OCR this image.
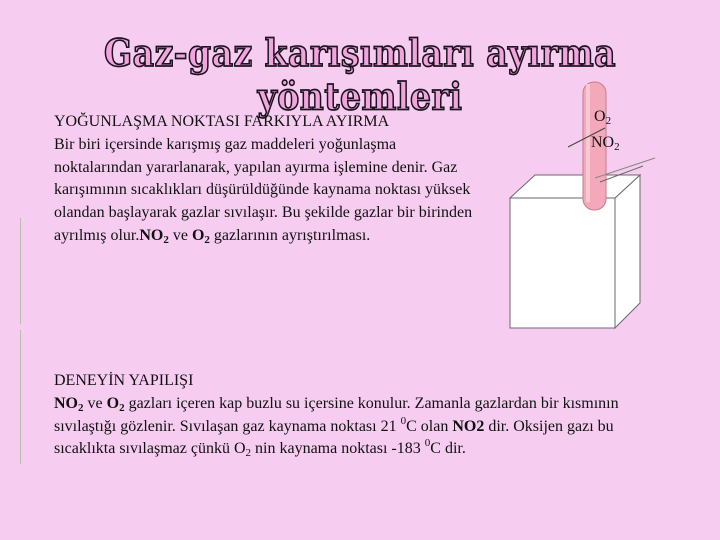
Gaz-gaz karışımları ayırma yöntemleri
YOĞUNLAŞMA NOKTASI FARKIYLA AYIRMA
Bir biri içersinde karışmış gaz maddeleri yoğunlaşma noktalarından yararlanarak, yapılan ayırma işlemine denir. Gaz karışımının sıcaklıkları düşürüldüğünde kaynama noktası yüksek olandan başlayarak gazlar sıvılaşır. Bu şekilde gazlar bir birinden ayrılmış $olur.NO_2$ ve $O_2$ gazlarının ayrıştırılması.
$O_2$
$NO_2$
DENEYİN YAPILIŞI
$NO_2$ ve $O_2$ gazları içeren kap buzlu su içersine konulur. Zamanla gazlardan bir kısmının sıvılaştığı gözlenir. Sıvılaşan gaz kaynama noktası 21 $^0$C olan NO2 dir. Oksijen gazı bu sıcaklıkta sıvılaşmaz çünkü $O_2$ nin kaynama noktası -183 $^0$C dir.
